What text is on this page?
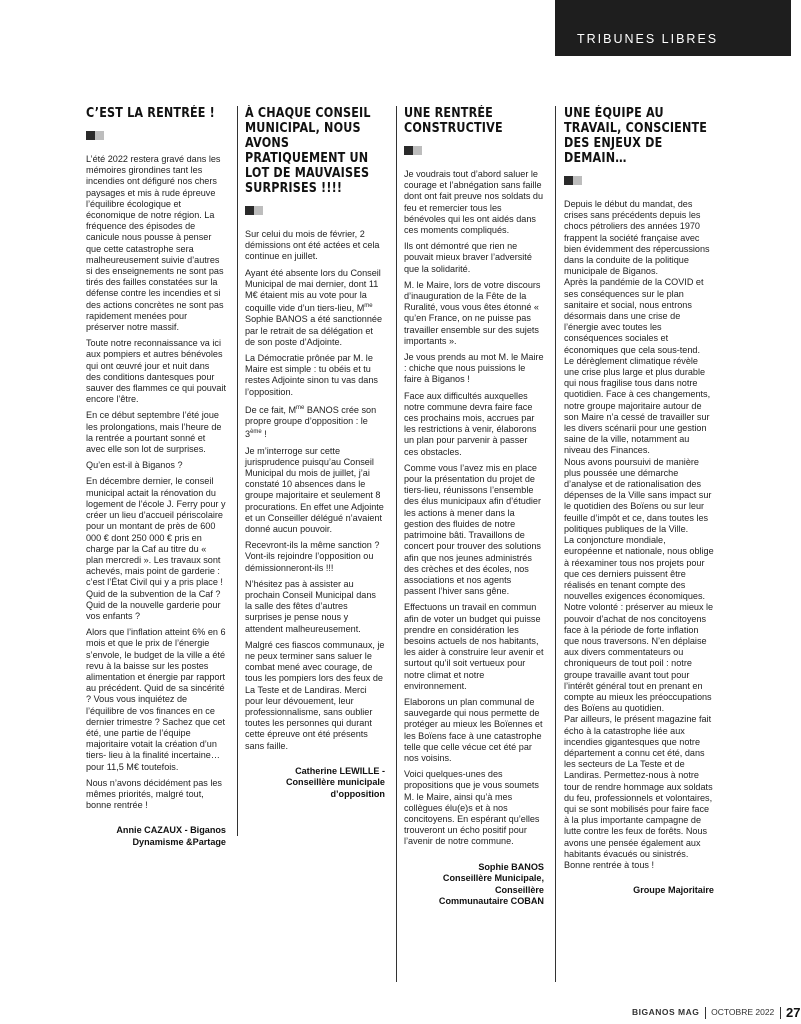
TRIBUNES LIBRES
C’EST LA RENTRÉE !

L’été 2022 restera gravé dans les mémoires girondines tant les incendies ont défiguré nos chers paysages et mis à rude épreuve l’équilibre écologique et économique de notre région. La fréquence des épisodes de canicule nous pousse à penser que cette catastrophe sera malheureusement suivie d’autres si des enseignements ne sont pas tirés des failles constatées sur la défense contre les incendies et si des actions concrètes ne sont pas rapidement menées pour préserver notre massif.

Toute notre reconnaissance va ici aux pompiers et autres bénévoles qui ont œuvré jour et nuit dans des conditions dantesques pour sauver des flammes ce qui pouvait encore l’être.

En ce début septembre l’été joue les prolongations, mais l’heure de la rentrée a pourtant sonné et avec elle son lot de surprises.

Qu’en est-il à Biganos ?

En décembre dernier, le conseil municipal actait la rénovation du logement de l’école J. Ferry pour y créer un lieu d’accueil périscolaire pour un montant de près de 600 000 € dont 250 000 € pris en charge par la Caf au titre du « plan mercredi ». Les travaux sont achevés, mais point de garderie : c’est l’État Civil qui y a pris place ! Quid de la subvention de la Caf ? Quid de la nouvelle garderie pour vos enfants ?

Alors que l’inflation atteint 6% en 6 mois et que le prix de l’énergie s’envole, le budget de la ville a été revu à la baisse sur les postes alimentation et énergie par rapport au précédent. Quid de sa sincérité ? Vous vous inquiétez de l’équilibre de vos finances en ce dernier trimestre ? Sachez que cet été, une partie de l’équipe majoritaire votait la création d’un tiers- lieu à la finalité incertaine… pour 11,5 M€ toutefois.

Nous n’avons décidément pas les mêmes priorités, malgré tout, bonne rentrée !

Annie CAZAUX - Biganos
Dynamisme &Partage
À CHAQUE CONSEIL MUNICIPAL, NOUS AVONS PRATIQUEMENT UN LOT DE MAUVAISES SURPRISES !!!!

Sur celui du mois de février, 2 démissions ont été actées et cela continue en juillet.

Ayant été absente lors du Conseil Municipal de mai dernier, dont 11 M€ étaient mis au vote pour la coquille vide d’un tiers-lieu, $M^{me}$ Sophie BANOS a été sanctionnée par le retrait de sa délégation et de son poste d’Adjointe.

La Démocratie prônée par M. le Maire est simple : tu obéis et tu restes Adjointe sinon tu vas dans l’opposition.

De ce fait, $M^{me}$ BANOS crée son propre groupe d’opposition : le 3ème !

Je m’interroge sur cette jurisprudence puisqu’au Conseil Municipal du mois de juillet, j’ai constaté 10 absences dans le groupe majoritaire et seulement 8 procurations. En effet une Adjointe et un Conseiller délégué n’avaient donné aucun pouvoir.

Recevront-ils la même sanction ? Vont-ils rejoindre l’opposition ou démissionneront-ils !!!

N’hésitez pas à assister au prochain Conseil Municipal dans la salle des fêtes d’autres surprises je pense nous y attendent malheureusement.

Malgré ces fiascos communaux, je ne peux terminer sans saluer le combat mené avec courage, de tous les pompiers lors des feux de La Teste et de Landiras. Merci pour leur dévouement, leur professionnalisme, sans oublier toutes les personnes qui durant cette épreuve ont été présents sans faille.

Catherine LEWILLE -
Conseillère municipale
d’opposition
UNE RENTRÉE CONSTRUCTIVE

Je voudrais tout d’abord saluer le courage et l’abnégation sans faille dont ont fait preuve nos soldats du feu et remercier tous les bénévoles qui les ont aidés dans ces moments compliqués.

Ils ont démontré que rien ne pouvait mieux braver l’adversité que la solidarité.

M. le Maire, lors de votre discours d’inauguration de la Fête de la Ruralité, vous vous êtes étonné « qu’en France, on ne puisse pas travailler ensemble sur des sujets importants ».

Je vous prends au mot M. le Maire : chiche que nous puissions le faire à Biganos !

Face aux difficultés auxquelles notre commune devra faire face ces prochains mois, accrues par les restrictions à venir, élaborons un plan pour parvenir à passer ces obstacles.

Comme vous l’avez mis en place pour la présentation du projet de tiers-lieu, réunissons l’ensemble des élus municipaux afin d’étudier les actions à mener dans la gestion des fluides de notre patrimoine bâti. Travaillons de concert pour trouver des solutions afin que nos jeunes administrés des crèches et des écoles, nos associations et nos agents passent l’hiver sans gêne.

Effectuons un travail en commun afin de voter un budget qui puisse prendre en considération les besoins actuels de nos habitants, les aider à construire leur avenir et surtout qu’il soit vertueux pour notre climat et notre environnement.

Elaborons un plan communal de sauvegarde qui nous permette de protéger au mieux les Boïennes et les Boïens face à une catastrophe telle que celle vécue cet été par nos voisins.

Voici quelques-unes des propositions que je vous soumets

M. le Maire, ainsi qu’à mes collègues élu(e)s et à nos concitoyens. En espérant qu’elles trouveront un écho positif pour l’avenir de notre commune.

Sophie BANOS
Conseillère Municipale,
Conseillère
Communautaire COBAN
UNE ÉQUIPE AU TRAVAIL, CONSCIENTE DES ENJEUX DE DEMAIN…

Depuis le début du mandat, des crises sans précédents depuis les chocs pétroliers des années 1970 frappent la société française avec bien évidemment des répercussions dans la conduite de la politique municipale de Biganos.

Après la pandémie de la COVID et ses conséquences sur le plan sanitaire et social, nous entrons désormais dans une crise de l’énergie avec toutes les conséquences sociales et économiques que cela sous-tend.

Le dérèglement climatique révèle une crise plus large et plus durable qui nous fragilise tous dans notre quotidien. Face à ces changements, notre groupe majoritaire autour de son Maire n’a cessé de travailler sur les divers scénarii pour une gestion saine de la ville, notamment au niveau des Finances.

Nous avons poursuivi de manière plus poussée une démarche d’analyse et de rationalisation des dépenses de la Ville sans impact sur le quotidien des Boïens ou sur leur feuille d’impôt et ce, dans toutes les politiques publiques de la Ville.

La conjoncture mondiale, européenne et nationale, nous oblige à réexaminer tous nos projets pour que ces derniers puissent être réalisés en tenant compte des nouvelles exigences économiques.

Notre volonté : préserver au mieux le pouvoir d’achat de nos concitoyens face à la période de forte inflation que nous traversons. N’en déplaise aux divers commentateurs ou chroniqueurs de tout poil : notre groupe travaille avant tout pour l’intérêt général tout en prenant en compte au mieux les préoccupations des Boïens au quotidien.

Par ailleurs, le présent magazine fait écho à la catastrophe liée aux incendies gigantesques que notre département a connu cet été, dans les secteurs de La Teste et de Landiras. Permettez-nous à notre tour de rendre hommage aux soldats du feu, professionnels et volontaires, qui se sont mobilisés pour faire face à la plus importante campagne de lutte contre les feux de forêts. Nous avons une pensée également aux habitants évacués ou sinistrés.

Bonne rentrée à tous !

Groupe Majoritaire
BIGANOS MAG OCTOBRE 2022 27
